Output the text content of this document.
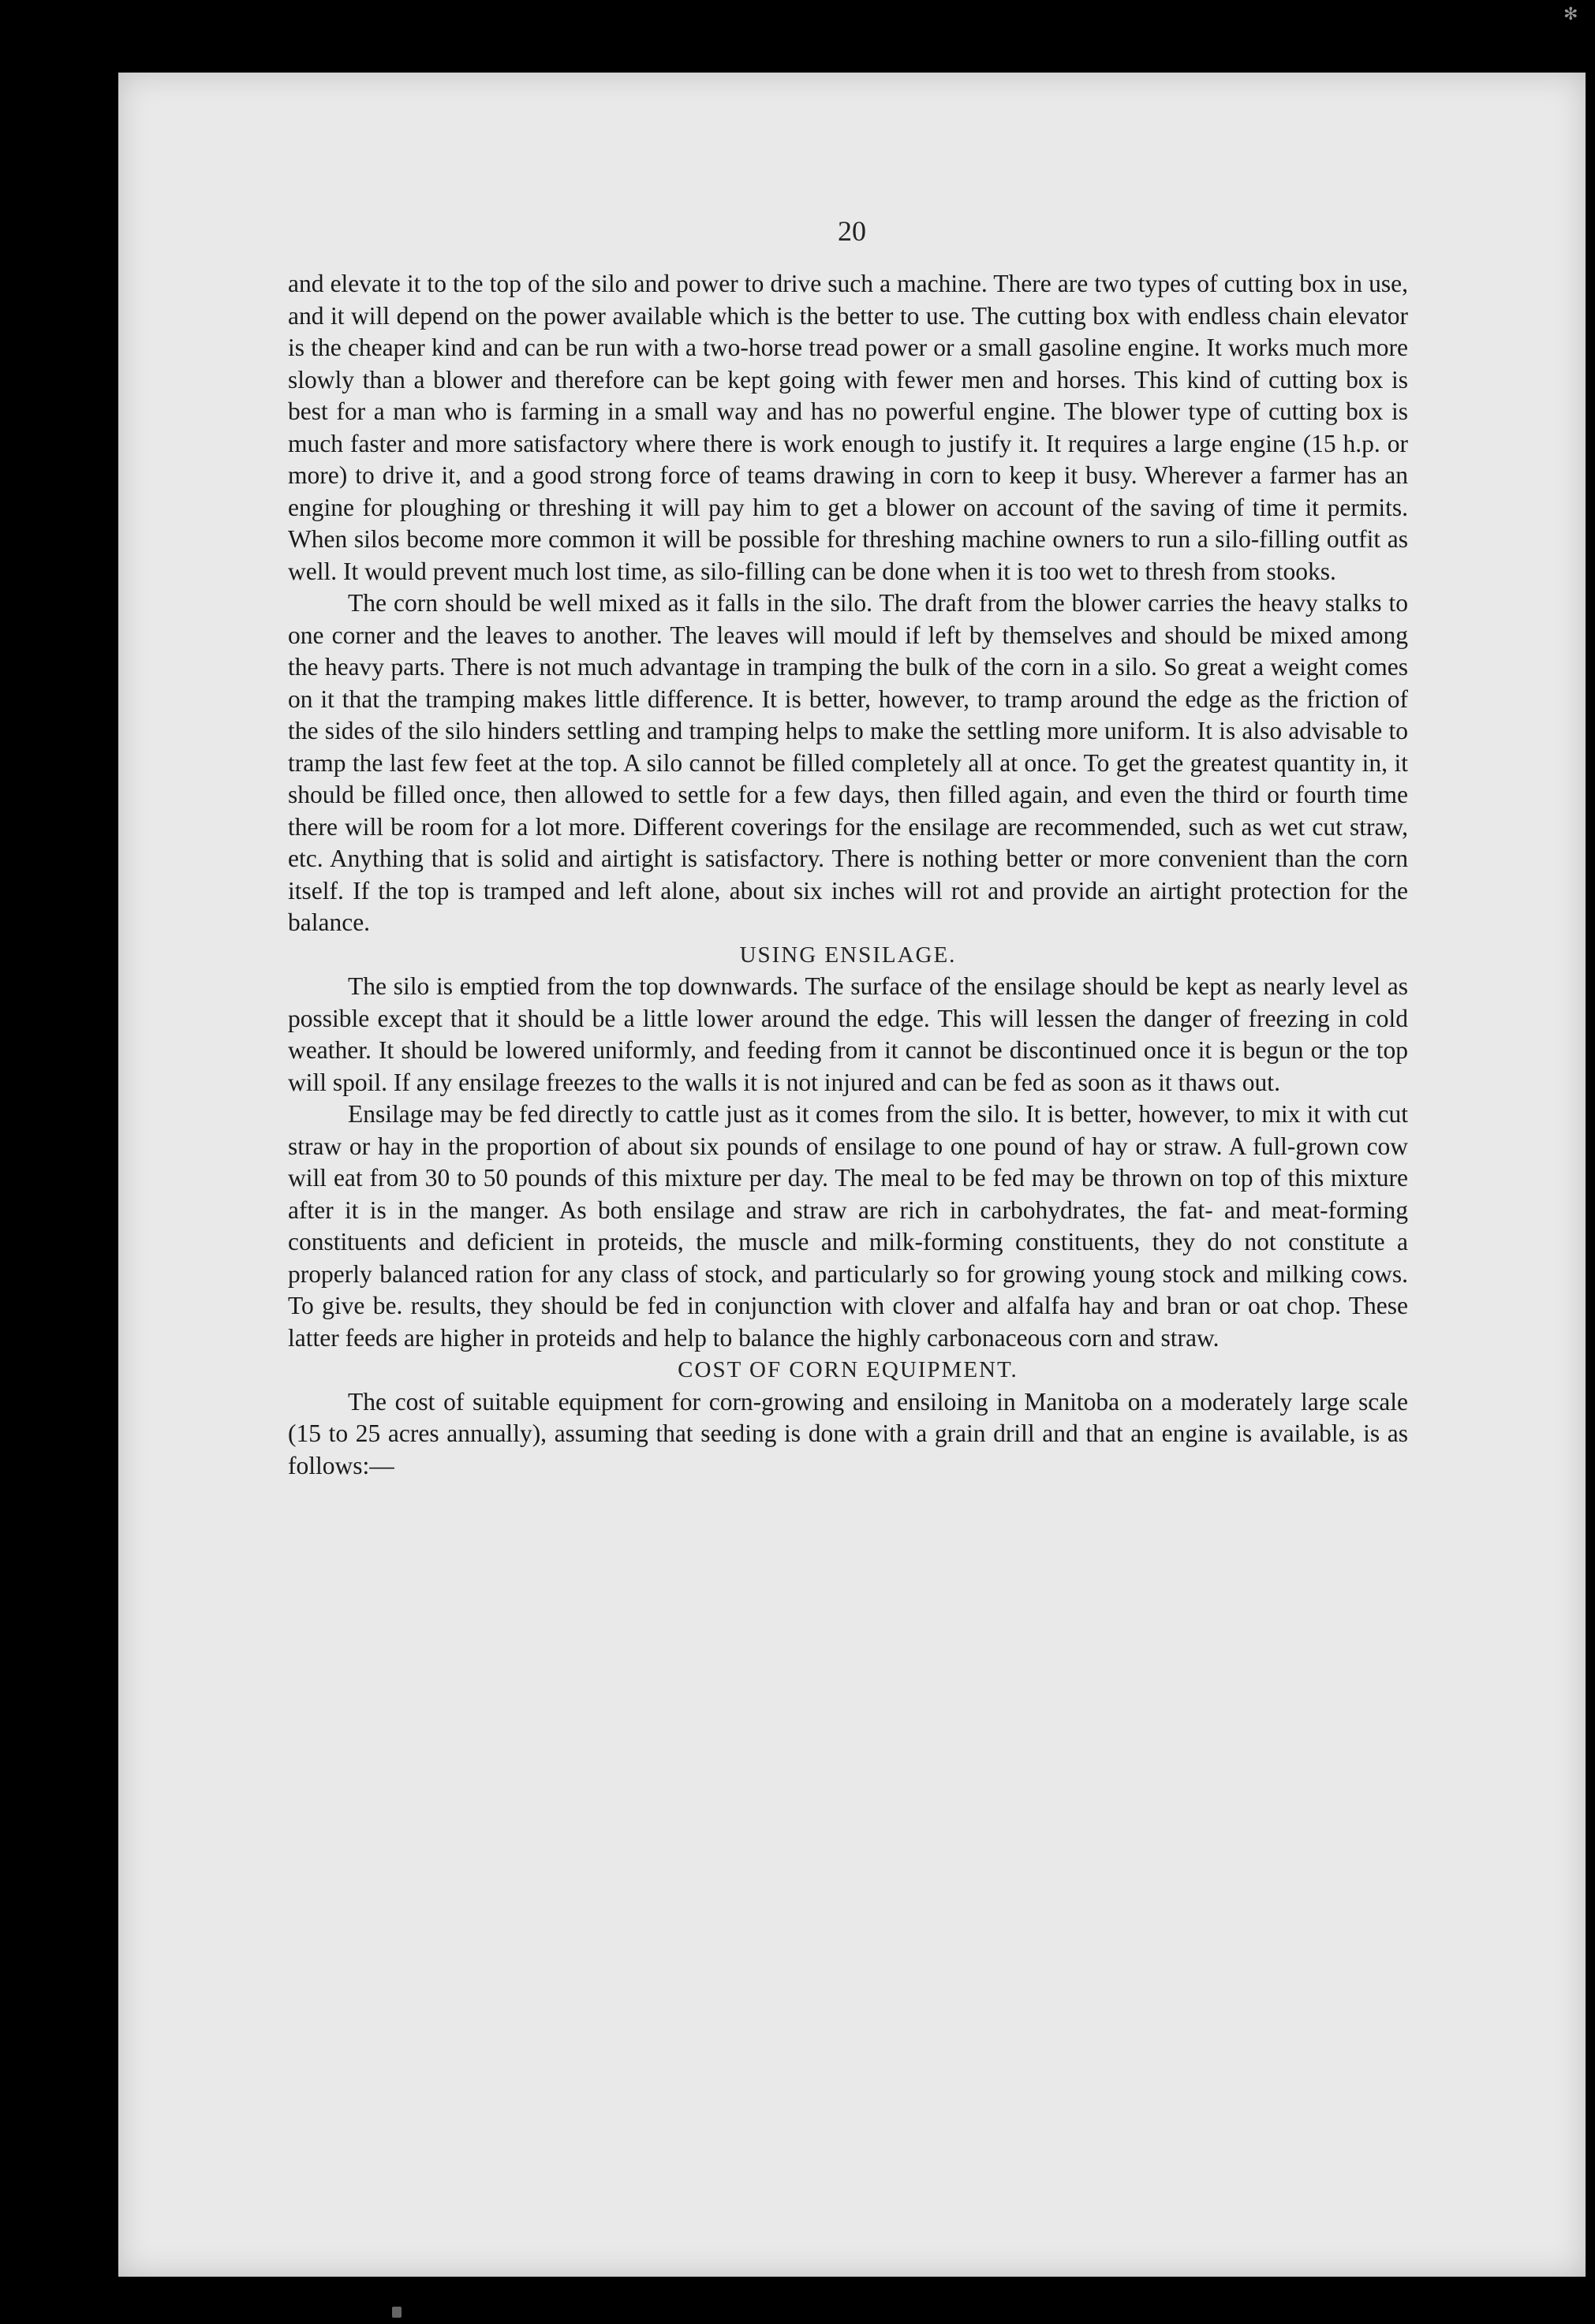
20

and elevate it to the top of the silo and power to drive such a machine. There are two types of cutting box in use, and it will depend on the power available which is the better to use. The cutting box with endless chain elevator is the cheaper kind and can be run with a two-horse tread power or a small gasoline engine. It works much more slowly than a blower and therefore can be kept going with fewer men and horses. This kind of cutting box is best for a man who is farming in a small way and has no powerful engine. The blower type of cutting box is much faster and more satisfactory where there is work enough to justify it. It requires a large engine (15 h.p. or more) to drive it, and a good strong force of teams drawing in corn to keep it busy. Wherever a farmer has an engine for ploughing or threshing it will pay him to get a blower on account of the saving of time it permits. When silos become more common it will be possible for threshing machine owners to run a silo-filling outfit as well. It would prevent much lost time, as silo-filling can be done when it is too wet to thresh from stooks.

The corn should be well mixed as it falls in the silo. The draft from the blower carries the heavy stalks to one corner and the leaves to another. The leaves will mould if left by themselves and should be mixed among the heavy parts. There is not much advantage in tramping the bulk of the corn in a silo. So great a weight comes on it that the tramping makes little difference. It is better, however, to tramp around the edge as the friction of the sides of the silo hinders settling and tramping helps to make the settling more uniform. It is also advisable to tramp the last few feet at the top. A silo cannot be filled completely all at once. To get the greatest quantity in, it should be filled once, then allowed to settle for a few days, then filled again, and even the third or fourth time there will be room for a lot more. Different coverings for the ensilage are recommended, such as wet cut straw, etc. Anything that is solid and airtight is satisfactory. There is nothing better or more convenient than the corn itself. If the top is tramped and left alone, about six inches will rot and provide an airtight protection for the balance.

USING ENSILAGE.

The silo is emptied from the top downwards. The surface of the ensilage should be kept as nearly level as possible except that it should be a little lower around the edge. This will lessen the danger of freezing in cold weather. It should be lowered uniformly, and feeding from it cannot be discontinued once it is begun or the top will spoil. If any ensilage freezes to the walls it is not injured and can be fed as soon as it thaws out.

Ensilage may be fed directly to cattle just as it comes from the silo. It is better, however, to mix it with cut straw or hay in the proportion of about six pounds of ensilage to one pound of hay or straw. A full-grown cow will eat from 30 to 50 pounds of this mixture per day. The meal to be fed may be thrown on top of this mixture after it is in the manger. As both ensilage and straw are rich in carbohydrates, the fat- and meat-forming constituents and deficient in proteids, the muscle and milk-forming constituents, they do not constitute a properly balanced ration for any class of stock, and particularly so for growing young stock and milking cows. To give be. results, they should be fed in conjunction with clover and alfalfa hay and bran or oat chop. These latter feeds are higher in proteids and help to balance the highly carbonaceous corn and straw.

COST OF CORN EQUIPMENT.

The cost of suitable equipment for corn-growing and ensiloing in Manitoba on a moderately large scale (15 to 25 acres annually), assuming that seeding is done with a grain drill and that an engine is available, is as follows:—

✻
